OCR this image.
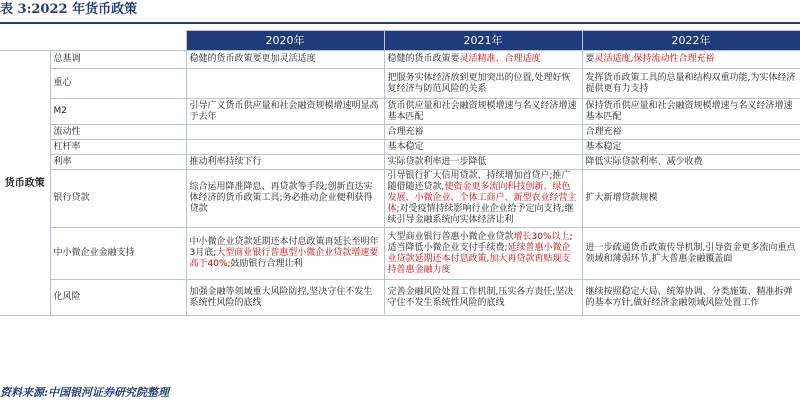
表 3:2022 年货币政策
		2020年	2021年	2022年
货币政策	总基调	稳健的货币政策要更加灵活适度	稳健的货币政策要灵活精准、合理适度	要灵活适度,保持流动性合理充裕
	重心		把服务实体经济放到更加突出的位置,处理好恢复经济与防范风险的关系	发挥货币政策工具的总量和结构双重功能,为实体经济提供更有力支持
	M2	引导广义货币供应量和社会融资规模增速明显高于去年	货币供应量和社会融资规模增速与名义经济增速基本匹配	保持货币供应量和社会融资规模增速与名义经济增速基本匹配
	流动性		合理充裕	合理充裕
	杠杆率		基本稳定	基本稳定
	利率	推动利率持续下行	实际贷款利率进一步降低	降低实际贷款利率、减少收费
	银行贷款	综合运用降准降息、再贷款等手段;创新直达实体经济的货币政策工具;务必推动企业便利获得贷款	引导银行扩大信用贷款、持续增加首贷户;推广随借随还贷款,使资金更多流向科技创新、绿色发展、小微企业、个体工商户、新型农业经营主体;对受疫情持续影响行业企业给予定向支持;继续引导金融系统向实体经济让利	扩大新增贷款规模
	中小微企业金融支持	中小微企业贷款延期还本付息政策再延长至明年3月底;大型商业银行普惠型小微企业贷款增速要高于40%;鼓励银行合理让利	大型商业银行普惠小微企业贷款增长30%以上;适当降低小微企业支付手续费;延续普惠小微企业贷款延期还本付息政策,加大再贷款再贴现支持普惠金融力度	进一步疏通货币政策传导机制,引导资金更多流向重点领域和薄弱环节,扩大普惠金融覆盖面
	化风险	加强金融等领域重大风险防控,坚决守住不发生系统性风险的底线	完善金融风险处置工作机制,压实各方责任;坚决守住不发生系统性风险的底线	继续按照稳定大局、统筹协调、分类施策、精准拆弹的基本方针,做好经济金融领域风险处置工作
资料来源:中国银河证券研究院整理
